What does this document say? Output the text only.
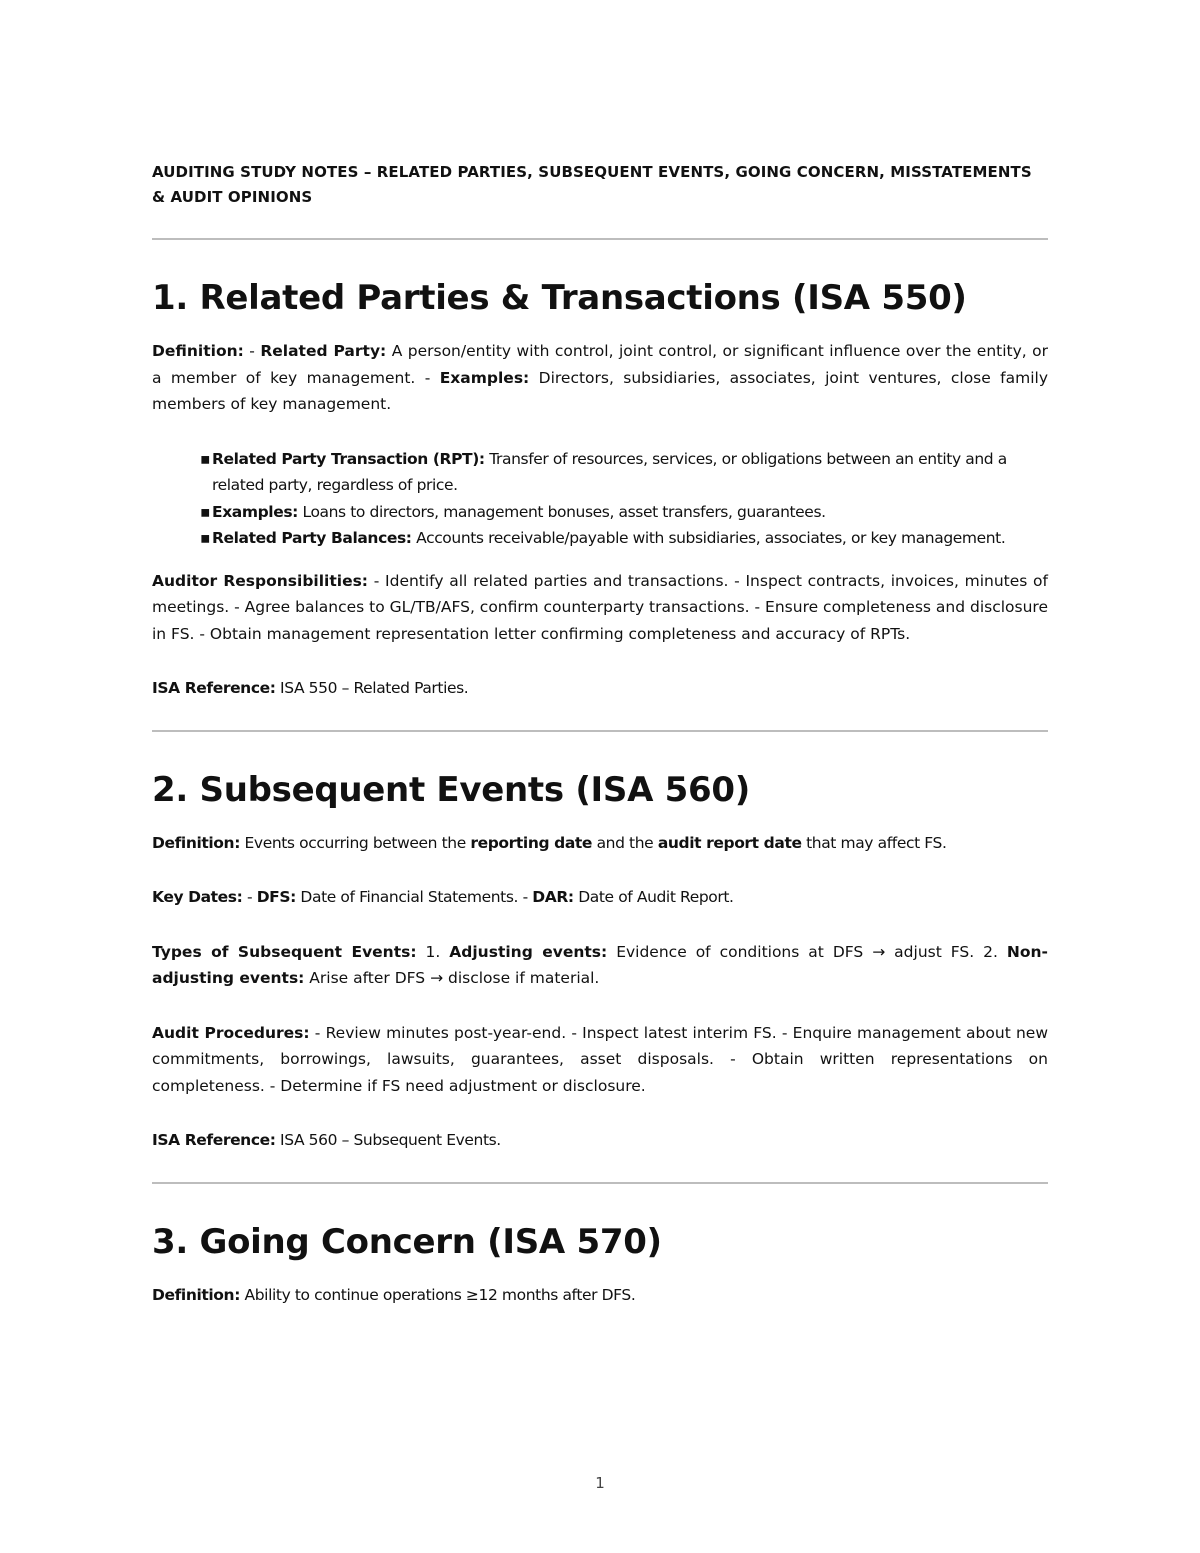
AUDITING STUDY NOTES – RELATED PARTIES, SUBSEQUENT EVENTS, GOING CONCERN, MISSTATEMENTS & AUDIT OPINIONS

1. Related Parties & Transactions (ISA 550)

Definition: - Related Party: A person/entity with control, joint control, or significant influence over the entity, or a member of key management. - Examples: Directors, subsidiaries, associates, joint ventures, close family members of key management.

▪ Related Party Transaction (RPT): Transfer of resources, services, or obligations between an entity and a related party, regardless of price.
▪ Examples: Loans to directors, management bonuses, asset transfers, guarantees.
▪ Related Party Balances: Accounts receivable/payable with subsidiaries, associates, or key management.

Auditor Responsibilities: - Identify all related parties and transactions. - Inspect contracts, invoices, minutes of meetings. - Agree balances to GL/TB/AFS, confirm counterparty transactions. - Ensure completeness and disclosure in FS. - Obtain management representation letter confirming completeness and accuracy of RPTs.

ISA Reference: ISA 550 – Related Parties.

2. Subsequent Events (ISA 560)

Definition: Events occurring between the reporting date and the audit report date that may affect FS.

Key Dates: - DFS: Date of Financial Statements. - DAR: Date of Audit Report.

Types of Subsequent Events: 1. Adjusting events: Evidence of conditions at DFS → adjust FS. 2. Non-adjusting events: Arise after DFS → disclose if material.

Audit Procedures: - Review minutes post-year-end. - Inspect latest interim FS. - Enquire management about new commitments, borrowings, lawsuits, guarantees, asset disposals. - Obtain written representations on completeness. - Determine if FS need adjustment or disclosure.

ISA Reference: ISA 560 – Subsequent Events.

3. Going Concern (ISA 570)

Definition: Ability to continue operations ≥12 months after DFS.

1
